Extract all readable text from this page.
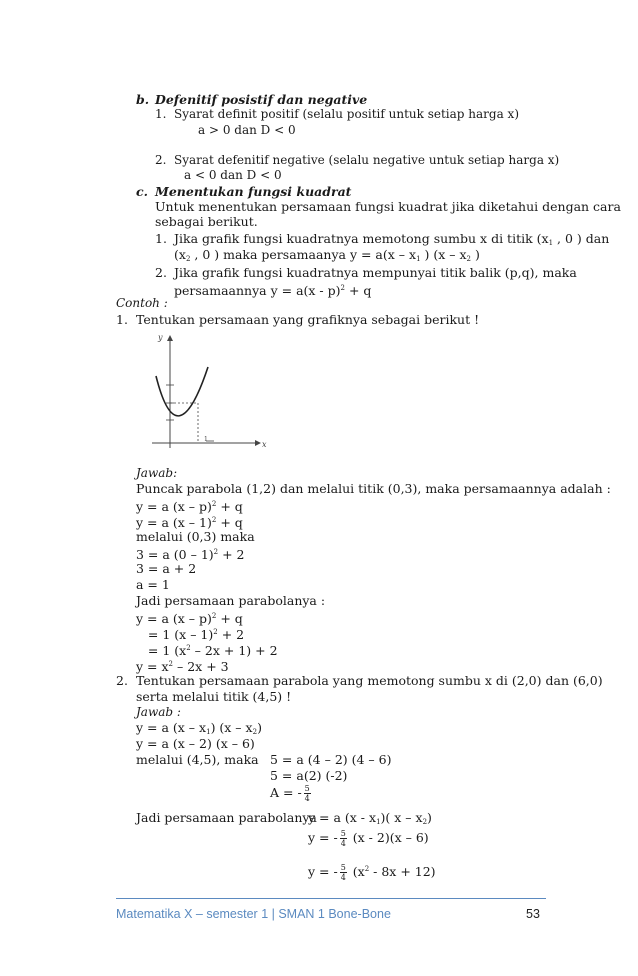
b. Defenitif posistif dan negative
1. Syarat definit positif (selalu positif untuk setiap harga x)
a > 0 dan D < 0
2. Syarat defenitif negative (selalu negative untuk setiap harga x)
a < 0 dan D < 0
c. Menentukan fungsi kuadrat
Untuk menentukan persamaan fungsi kuadrat jika diketahui dengan cara
sebagai berikut.
1. Jika grafik fungsi kuadratnya memotong sumbu x di titik ($x_1$ , 0 ) dan
($x_2$ , 0 ) maka persamaanya $y = a(x - x_1$ ) ($x - x_2$ )
2. Jika grafik fungsi kuadratnya mempunyai titik balik (p,q), maka
persamaannya y = a(x - p)$^2$ + q
Contoh :
1. Tentukan persamaan yang grafiknya sebagai berikut !
y
x
1
Jawab:
Puncak parabola (1,2) dan melalui titik (0,3), maka persamaannya adalah :
y = a (x – p)$^2$ + q
y = a (x – 1)$^2$ + q
melalui (0,3) maka
3 = a (0 – 1)$^2$ + 2
3 = a + 2
a = 1
Jadi persamaan parabolanya :
y = a (x – p)$^2$ + q
= 1 (x – 1)$^2$ + 2
= 1 $(x^2 - 2x + 1) + 2$
$y = x^2 - 2x + 3$
2. Tentukan persamaan parabola yang memotong sumbu x di (2,0) dan (6,0)
serta melalui titik (4,5) !
Jawab :
y = a $(x - x_1)$ $(x - x_2)$
y = a (x – 2) (x – 6)
melalui (4,5), maka 5 = a (4 – 2) (4 – 6)
5 = a(2) (-2)
A = - $\frac{5}{4}$
Jadi persamaan parabolanya
y = a $(x - x_1)$( x – $x_2$)
y = - $\frac{5}{4} (x - 2)(x - 6)$
y = - $\frac{5}{4} (x^2 - 8x + 12)$
Matematika X – semester 1 | SMAN 1 Bone-Bone	53
